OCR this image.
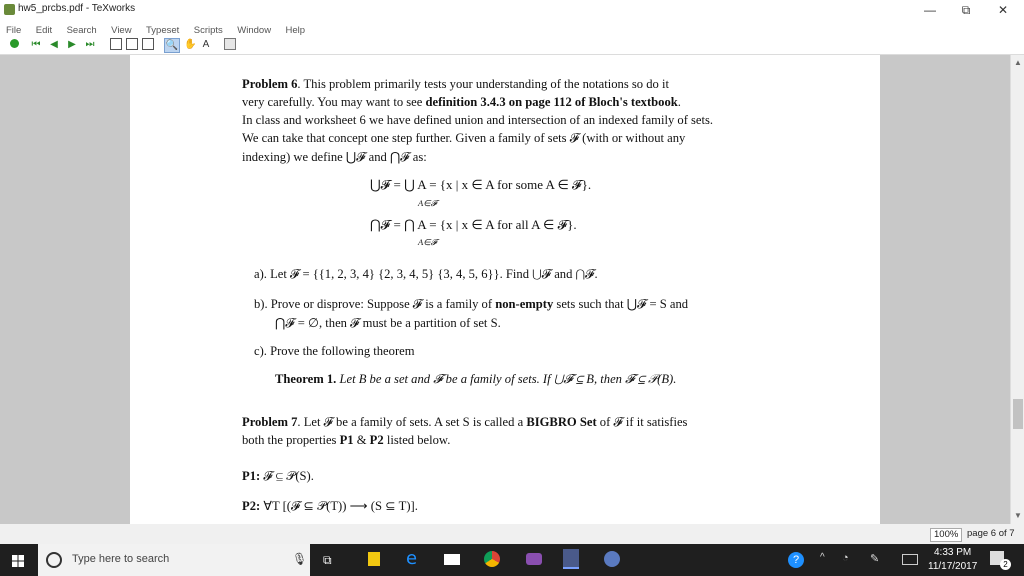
hw5_prcbs.pdf - TeXworks	—	⧉	✕
File Edit Search View Typeset Scripts Window Help
⏮ ◀ ▶ ⏭	🔍 ✋ A
Problem 6. This problem primarily tests your understanding of the notations so do it
very carefully. You may want to see definition 3.4.3 on page 112 of Bloch's textbook.
In class and worksheet 6 we have defined union and intersection of an indexed family of sets.
We can take that concept one step further. Given a family of sets 𝓕 (with or without any
indexing) we define ⋃𝓕 and ⋂𝓕 as:
⋃𝓕 = ⋃ A = {x | x ∈ A for some A ∈ 𝓕}.
A∈𝓕
⋂𝓕 = ⋂ A = {x | x ∈ A for all A ∈ 𝓕}.
A∈𝓕
a). Let 𝓕 = {{1, 2, 3, 4} {2, 3, 4, 5} {3, 4, 5, 6}}. Find ⋃𝓕 and ⋂𝓕.
b). Prove or disprove: Suppose 𝓕 is a family of non-empty sets such that ⋃𝓕 = S and
⋂𝓕 = ∅, then 𝓕 must be a partition of set S.
c). Prove the following theorem
Theorem 1. Let B be a set and 𝓕 be a family of sets. If ⋃𝓕 ⊆ B, then 𝓕 ⊆ 𝒫(B).
Problem 7. Let 𝓕 be a family of sets. A set S is called a BIGBRO Set of 𝓕 if it satisfies
both the properties P1 & P2 listed below.
P1: 𝓕 ⊆ 𝒫(S).
P2: ∀T [(𝓕 ⊆ 𝒫(T)) ⟶ (S ⊆ T)].
▲
▼
100% page 6 of 7
Type here to search	🎙 ⧉	e	?	^ ◔ ✎
4:33 PM
11/17/2017	2
